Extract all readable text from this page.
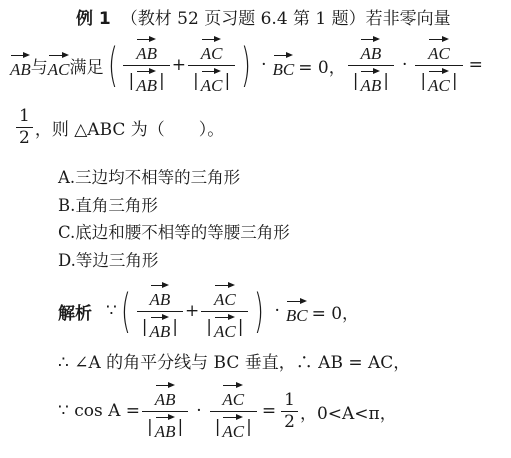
例 1 （教材 52 页习题 6.4 第 1 题） 若非零向量
AB 与 AC 满足 ( $\frac{AB}{| AB |} + \frac{AC}{| AC |}$ ) · BC = 0， $\frac{AB}{| AB |} \cdot \frac{AC}{| AC |}$ =
$\frac{1}{2}$ ，则 △ABC 为（　　）。
A.三边均不相等的三角形
B.直角三角形
C.底边和腰不相等的等腰三角形
D.等边三角形
解析 ∵ ( $\frac{AB}{| AB |} + \frac{AC}{| AC |}$ ) · BC = 0，
∴ ∠A 的角平分线与 BC 垂直，∴ AB = AC，
∵ $\cos A = \frac{AB}{| AB |} \cdot \frac{AC}{| AC |} = \frac{1}{2}$ ，0<A<π，
